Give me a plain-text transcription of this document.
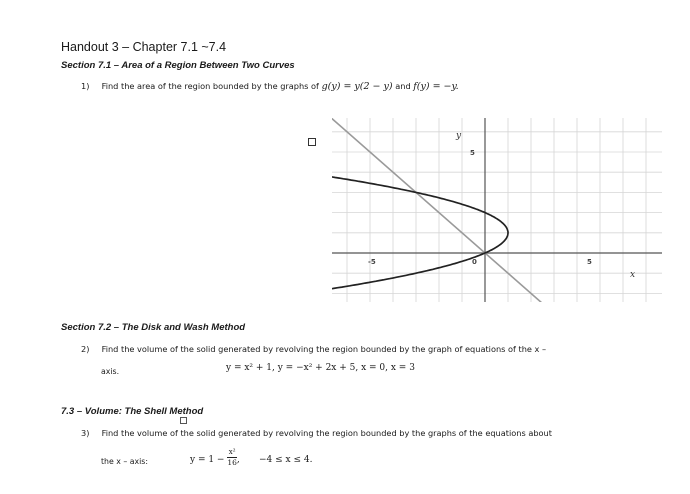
Handout 3 – Chapter 7.1 ~7.4
Section 7.1 – Area of a Region Between Two Curves
1) Find the area of the region bounded by the graphs of g(y) = y(2 − y) and f(y) = −y.
y
5
-5	0	5
x
Section 7.2 – The Disk and Wash Method
2) Find the volume of the solid generated by revolving the region bounded by the graph of equations of the x –
axis.	y = x² + 1, y = −x² + 2x + 5, x = 0, x = 3
7.3 – Volume: The Shell Method
3) Find the volume of the solid generated by revolving the region bounded by the graphs of the equations about
the x – axis:	$y = 1 - \frac{\text{x²}}{16}$ , −4 ≤ x ≤ 4.
